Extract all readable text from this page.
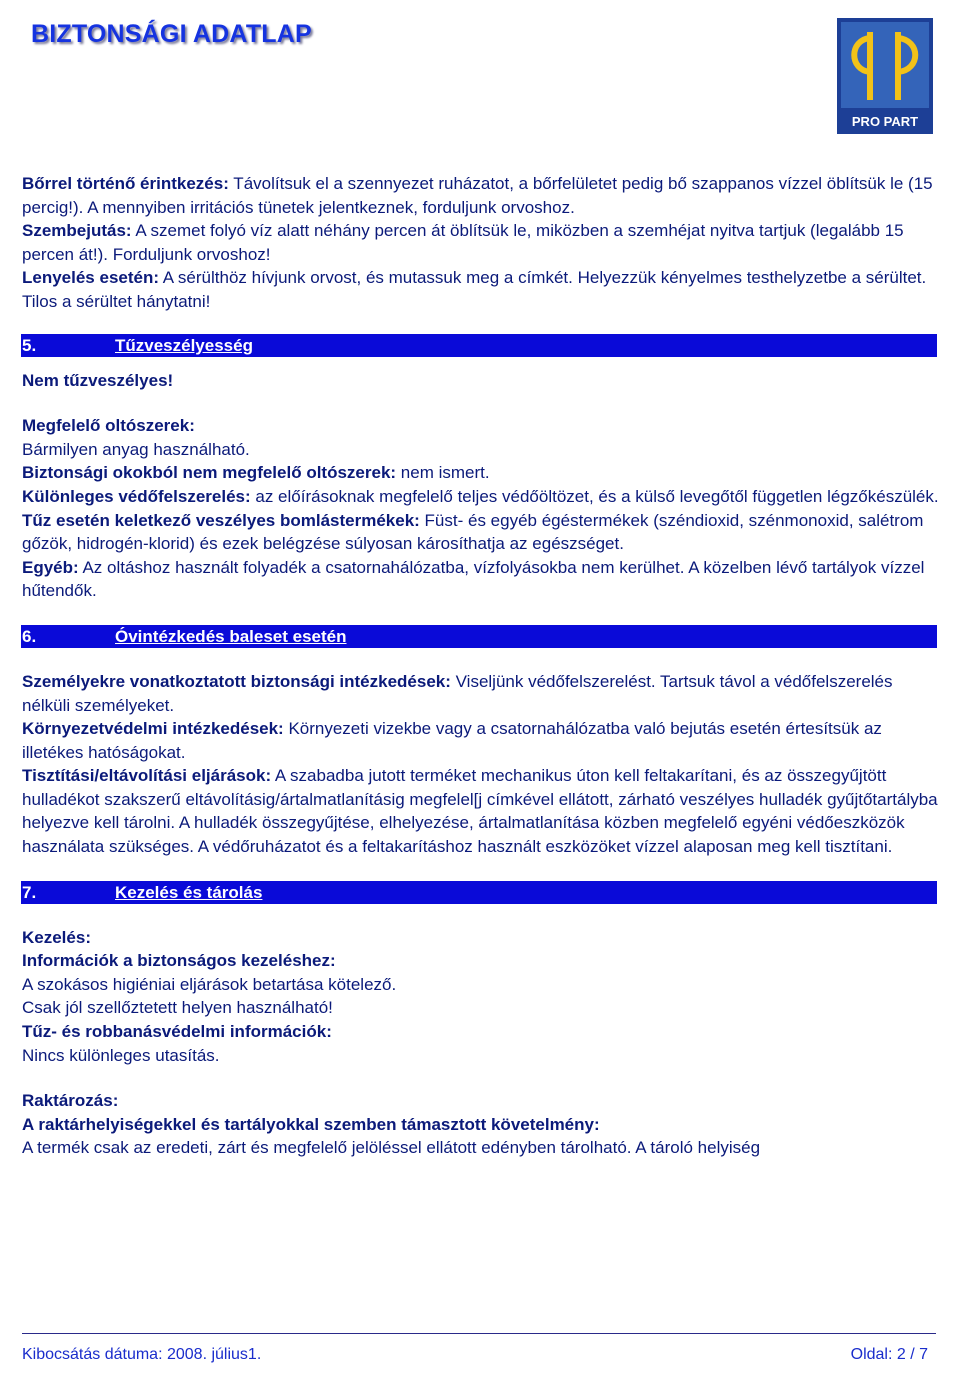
BIZTONSÁGI ADATLAP
PRO PART

Bőrrel történő érintkezés: Távolítsuk el a szennyezet ruházatot, a bőrfelületet pedig bő szappanos vízzel öblítsük le (15 percig!). A mennyiben irritációs tünetek jelentkeznek, forduljunk orvoshoz.

Szembejutás: A szemet folyó víz alatt néhány percen át öblítsük le, miközben a szemhéjat nyitva tartjuk (legalább 15 percen át!). Forduljunk orvoshoz!

Lenyelés esetén: A sérülthöz hívjunk orvost, és mutassuk meg a címkét. Helyezzük kényelmes testhelyzetbe a sérültet. Tilos a sérültet hánytatni!

5.	Tűzveszélyesség

Nem tűzveszélyes!

Megfelelő oltószerek:

Bármilyen anyag használható.

Biztonsági okokból nem megfelelő oltószerek: nem ismert.

Különleges védőfelszerelés: az előírásoknak megfelelő teljes védőöltözet, és a külső levegőtől független légzőkészülék.

Tűz esetén keletkező veszélyes bomlástermékek: Füst- és egyéb égéstermékek (széndioxid, szénmonoxid, salétrom gőzök, hidrogén-klorid) és ezek belégzése súlyosan károsíthatja az egészséget.

Egyéb: Az oltáshoz használt folyadék a csatornahálózatba, vízfolyásokba nem kerülhet. A közelben lévő tartályok vízzel hűtendők.

6.	Óvintézkedés baleset esetén

Személyekre vonatkoztatott biztonsági intézkedések: Viseljünk védőfelszerelést. Tartsuk távol a védőfelszerelés nélküli személyeket.

Környezetvédelmi intézkedések: Környezeti vizekbe vagy a csatornahálózatba való bejutás esetén értesítsük az illetékes hatóságokat.

Tisztítási/eltávolítási eljárások: A szabadba jutott terméket mechanikus úton kell feltakarítani, és az összegyűjtött hulladékot szakszerű eltávolításig/ártalmatlanításig megfelel[j címkével ellátott, zárható veszélyes hulladék gyűjtőtartályba helyezve kell tárolni. A hulladék összegyűjtése, elhelyezése, ártalmatlanítása közben megfelelő egyéni védőeszközök használata szükséges. A védőruházatot és a feltakarításhoz használt eszközöket vízzel alaposan meg kell tisztítani.

7.	Kezelés és tárolás

Kezelés:

Információk a biztonságos kezeléshez:

A szokásos higiéniai eljárások betartása kötelező.

Csak jól szellőztetett helyen használható!

Tűz- és robbanásvédelmi információk:

Nincs különleges utasítás.

Raktározás:

A raktárhelyiségekkel és tartályokkal szemben támasztott követelmény:

A termék csak az eredeti, zárt és megfelelő jelöléssel ellátott edényben tárolható. A tároló helyiség

Kibocsátás dátuma: 2008. július1.	Oldal: 2 / 7
